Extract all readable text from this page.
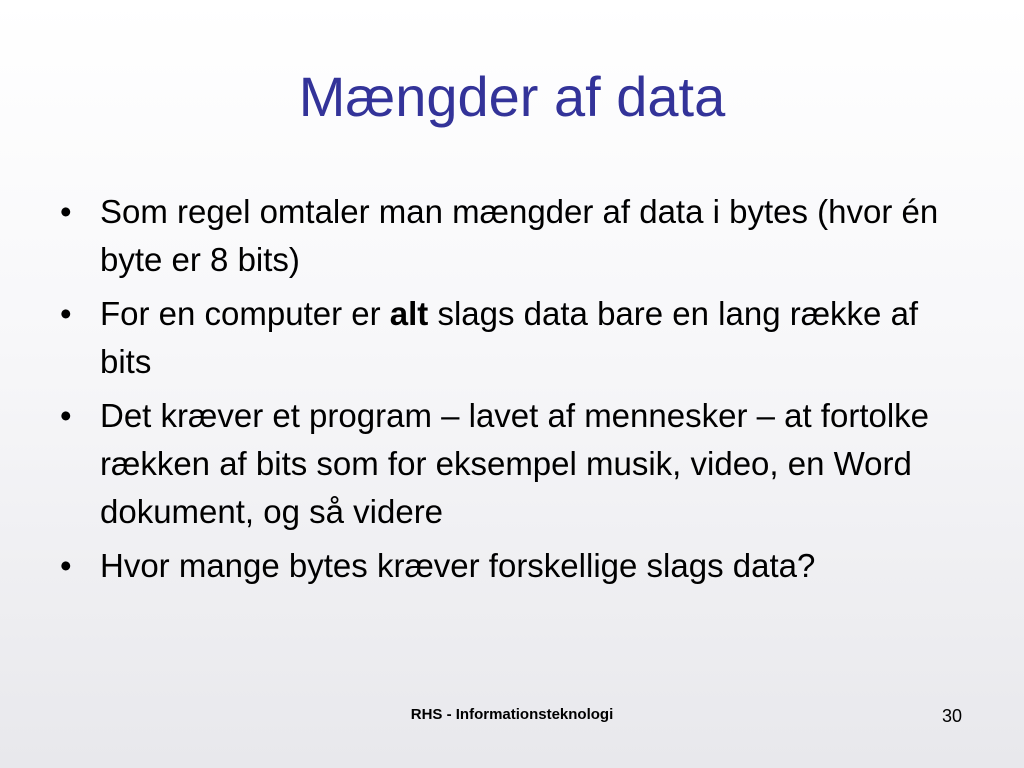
Mængder af data
• Som regel omtaler man mængder af data i bytes (hvor én byte er 8 bits)
• For en computer er alt slags data bare en lang række af bits
• Det kræver et program – lavet af mennesker – at fortolke rækken af bits som for eksempel musik, video, en Word dokument, og så videre
• Hvor mange bytes kræver forskellige slags data?
RHS - Informationsteknologi	30
